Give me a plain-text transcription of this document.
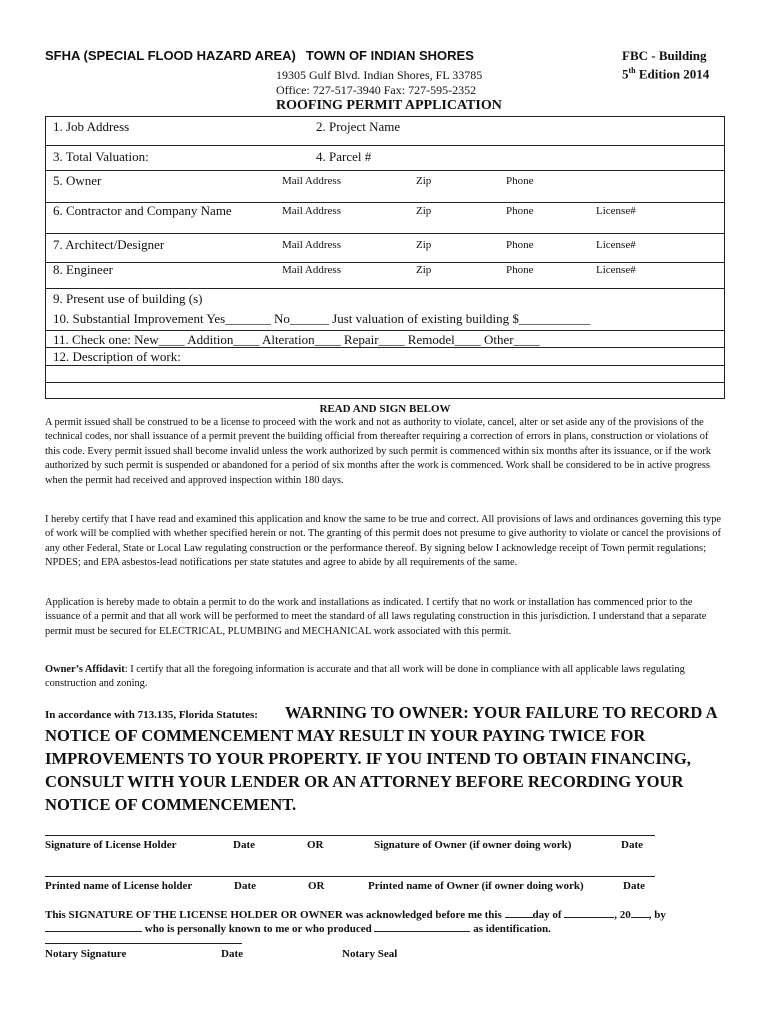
SFHA (SPECIAL FLOOD HAZARD AREA) TOWN OF INDIAN SHORES	FBC - Building
5th Edition 2014
19305 Gulf Blvd. Indian Shores, FL 33785
Office: 727-517-3940 Fax: 727-595-2352
ROOFING PERMIT APPLICATION
1. Job Address	2. Project Name
3. Total Valuation:	4. Parcel #
5. Owner	Mail Address	Zip	Phone
6. Contractor and Company Name	Mail Address	Zip	Phone	License#
7. Architect/Designer	Mail Address	Zip	Phone	License#
8. Engineer	Mail Address	Zip	Phone	License#
9. Present use of building (s)
10. Substantial Improvement Yes_______ No______ Just valuation of existing building $___________
11. Check one: New____ Addition____ Alteration____ Repair____ Remodel____ Other____
12. Description of work:
READ AND SIGN BELOW
A permit issued shall be construed to be a license to proceed with the work and not as authority to violate, cancel, alter or set aside any of the provisions of the technical codes, nor shall issuance of a permit prevent the building official from thereafter requiring a correction of errors in plans, construction or violations of this code. Every permit issued shall become invalid unless the work authorized by such permit is commenced within six months after its issuance, or if the work authorized by such permit is suspended or abandoned for a period of six months after the work is commenced. Work shall be considered to be in active progress when the permit had received and approved inspection within 180 days.
I hereby certify that I have read and examined this application and know the same to be true and correct. All provisions of laws and ordinances governing this type of work will be complied with whether specified herein or not. The granting of this permit does not presume to give authority to violate or cancel the provisions of any other Federal, State or Local Law regulating construction or the performance thereof. By signing below I acknowledge receipt of Town permit regulations; NPDES; and EPA asbestos-lead notifications per state statutes and agree to abide by all requirements of the same.
Application is hereby made to obtain a permit to do the work and installations as indicated. I certify that no work or installation has commenced prior to the issuance of a permit and that all work will be performed to meet the standard of all laws regulating construction in this jurisdiction. I understand that a separate permit must be secured for ELECTRICAL, PLUMBING and MECHANICAL work associated with this permit.
Owner’s Affidavit: I certify that all the foregoing information is accurate and that all work will be done in compliance with all applicable laws regulating construction and zoning.
In accordance with 713.135, Florida Statutes:	WARNING TO OWNER: YOUR FAILURE TO RECORD A NOTICE OF COMMENCEMENT MAY RESULT IN YOUR PAYING TWICE FOR IMPROVEMENTS TO YOUR PROPERTY. IF YOU INTEND TO OBTAIN FINANCING, CONSULT WITH YOUR LENDER OR AN ATTORNEY BEFORE RECORDING YOUR NOTICE OF COMMENCEMENT.
Signature of License Holder	Date	OR	Signature of Owner (if owner doing work)	Date
Printed name of License holder	Date	OR	Printed name of Owner (if owner doing work)	Date
This SIGNATURE OF THE LICENSE HOLDER OR OWNER was acknowledged before me this	day of	, 20 , by
who is personally known to me or who produced	as identification.
Notary Signature	Date	Notary Seal
